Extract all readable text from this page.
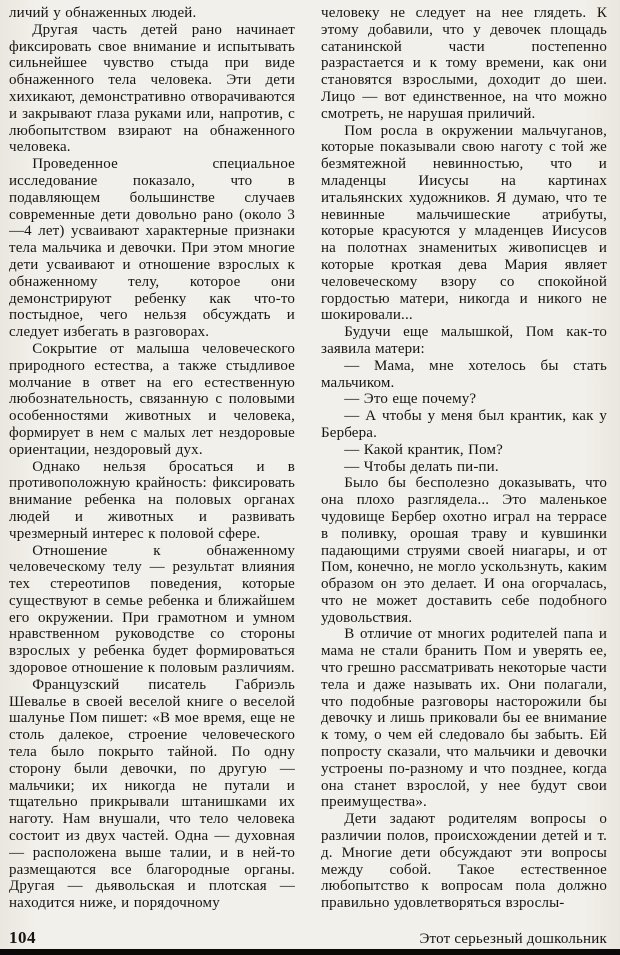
личий у обнаженных людей.

Другая часть детей рано начинает фиксировать свое внимание и испытывать сильнейшее чувство стыда при виде обнаженного тела человека. Эти дети хихикают, демонстративно отворачиваются и закрывают глаза руками или, напротив, с любопытством взирают на обнаженного человека.

Проведенное специальное исследование показало, что в подавляющем большинстве случаев современные дети довольно рано (около 3—4 лет) усваивают характерные признаки тела мальчика и девочки. При этом многие дети усваивают и отношение взрослых к обнаженному телу, которое они демонстрируют ребенку как что-то постыдное, чего нельзя обсуждать и следует избегать в разговорах.

Сокрытие от малыша человеческого природного естества, а также стыдливое молчание в ответ на его естественную любознательность, связанную с половыми особенностями животных и человека, формирует в нем с малых лет нездоровые ориентации, нездоровый дух.

Однако нельзя бросаться и в противоположную крайность: фиксировать внимание ребенка на половых органах людей и животных и развивать чрезмерный интерес к половой сфере.

Отношение к обнаженному человеческому телу — результат влияния тех стереотипов поведения, которые существуют в семье ребенка и ближайшем его окружении. При грамотном и умном нравственном руководстве со стороны взрослых у ребенка будет формироваться здоровое отношение к половым различиям.

Французский писатель Габриэль Шевалье в своей веселой книге о веселой шалунье Пом пишет: «В мое время, еще не столь далекое, строение человеческого тела было покрыто тайной. По одну сторону были девочки, по другую — мальчики; их никогда не путали и тщательно прикрывали штанишками их наготу. Нам внушали, что тело человека состоит из двух частей. Одна — духовная — расположена выше талии, и в ней-то размещаются все благородные органы. Другая — дьявольская и плотская — находится ниже, и порядочному

человеку не следует на нее глядеть. К этому добавили, что у девочек площадь сатанинской части постепенно разрастается и к тому времени, как они становятся взрослыми, доходит до шеи. Лицо — вот единственное, на что можно смотреть, не нарушая приличий.

Пом росла в окружении мальчуганов, которые показывали свою наготу с той же безмятежной невинностью, что и младенцы Иисусы на картинах итальянских художников. Я думаю, что те невинные мальчишеские атрибуты, которые красуются у младенцев Иисусов на полотнах знаменитых живописцев и которые кроткая дева Мария являет человеческому взору со спокойной гордостью матери, никогда и никого не шокировали...

Будучи еще малышкой, Пом как-то заявила матери:

— Мама, мне хотелось бы стать мальчиком.

— Это еще почему?

— А чтобы у меня был крантик, как у Бербера.

— Какой крантик, Пом?

— Чтобы делать пи-пи.

Было бы бесполезно доказывать, что она плохо разглядела... Это маленькое чудовище Бербер охотно играл на террасе в поливку, орошая траву и кувшинки падающими струями своей ниагары, и от Пом, конечно, не могло ускользнуть, каким образом он это делает. И она огорчалась, что не может доставить себе подобного удовольствия.

В отличие от многих родителей папа и мама не стали бранить Пом и уверять ее, что грешно рассматривать некоторые части тела и даже называть их. Они полагали, что подобные разговоры насторожили бы девочку и лишь приковали бы ее внимание к тому, о чем ей следовало бы забыть. Ей попросту сказали, что мальчики и девочки устроены по-разному и что позднее, когда она станет взрослой, у нее будут свои преимущества».

Дети задают родителям вопросы о различии полов, происхождении детей и т. д. Многие дети обсуждают эти вопросы между собой. Такое естественное любопытство к вопросам пола должно правильно удовлетворяться взрослы-

104	Этот серьезный дошкольник
